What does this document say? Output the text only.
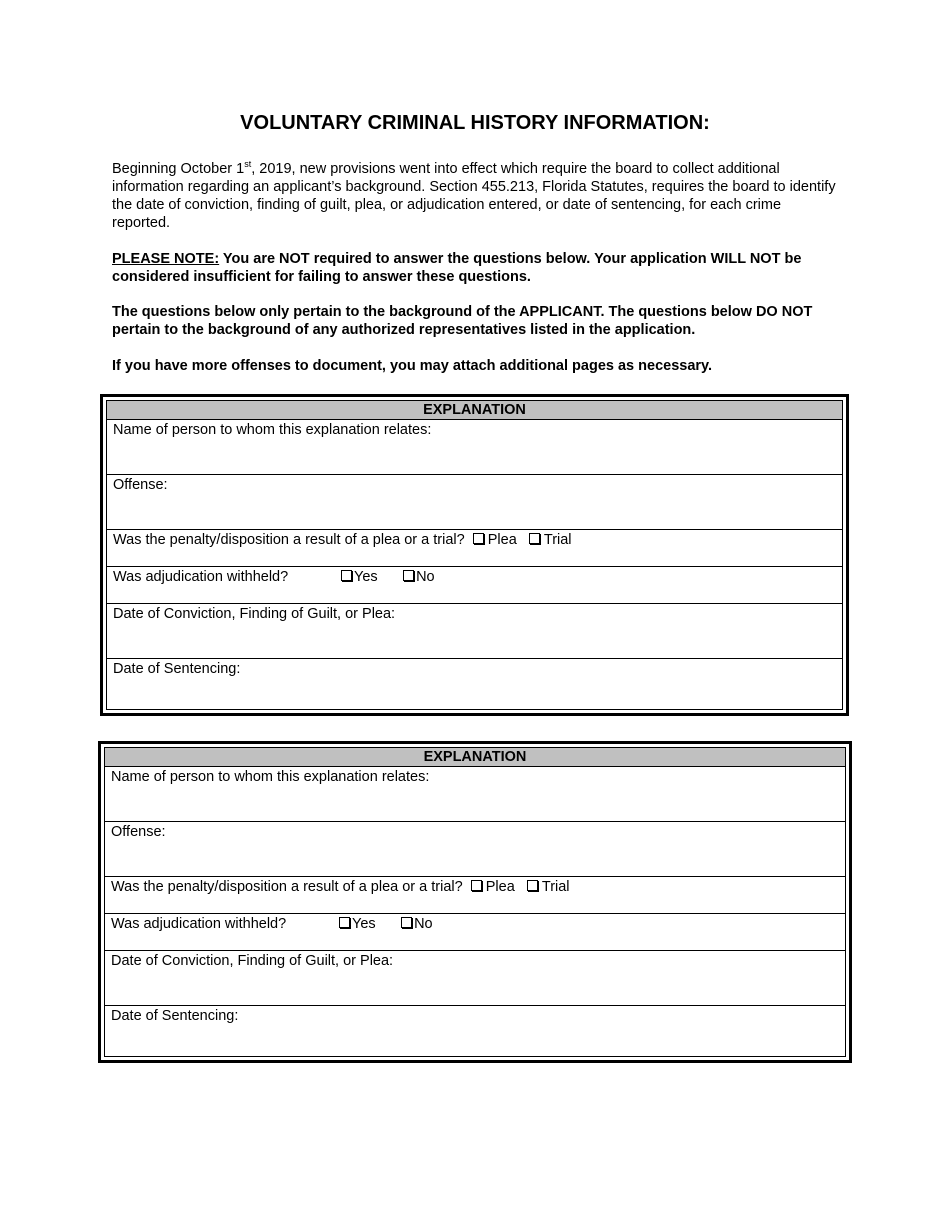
VOLUNTARY CRIMINAL HISTORY INFORMATION:
Beginning October 1st, 2019, new provisions went into effect which require the board to collect additional information regarding an applicant’s background. Section 455.213, Florida Statutes, requires the board to identify the date of conviction, finding of guilt, plea, or adjudication entered, or date of sentencing, for each crime reported.
PLEASE NOTE: You are NOT required to answer the questions below. Your application WILL NOT be considered insufficient for failing to answer these questions.
The questions below only pertain to the background of the APPLICANT. The questions below DO NOT pertain to the background of any authorized representatives listed in the application.
If you have more offenses to document, you may attach additional pages as necessary.
EXPLANATION
Name of person to whom this explanation relates:
Offense:
Was the penalty/disposition a result of a plea or a trial? Plea Trial
Was adjudication withheld?	Yes	No
Date of Conviction, Finding of Guilt, or Plea:
Date of Sentencing:
EXPLANATION
Name of person to whom this explanation relates:
Offense:
Was the penalty/disposition a result of a plea or a trial? Plea Trial
Was adjudication withheld?	Yes	No
Date of Conviction, Finding of Guilt, or Plea:
Date of Sentencing:
